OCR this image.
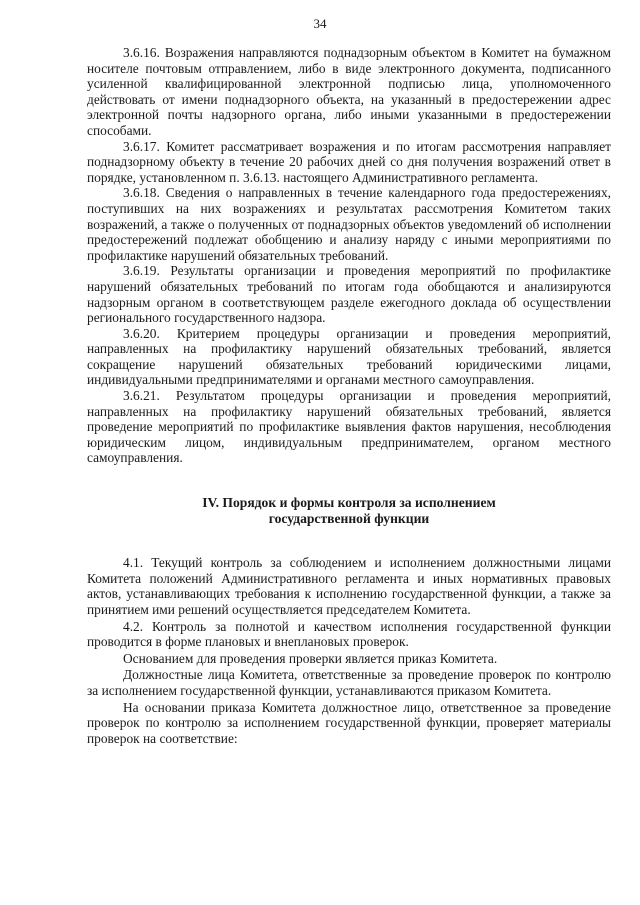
34

3.6.16. Возражения направляются поднадзорным объектом в Комитет на бумажном носителе почтовым отправлением, либо в виде электронного документа, подписанного усиленной квалифицированной электронной подписью лица, уполномоченного действовать от имени поднадзорного объекта, на указанный в предостережении адрес электронной почты надзорного органа, либо иными указанными в предостережении способами.

3.6.17. Комитет рассматривает возражения и по итогам рассмотрения направляет поднадзорному объекту в течение 20 рабочих дней со дня получения возражений ответ в порядке, установленном п. 3.6.13. настоящего Административного регламента.

3.6.18. Сведения о направленных в течение календарного года предостережениях, поступивших на них возражениях и результатах рассмотрения Комитетом таких возражений, а также о полученных от поднадзорных объектов уведомлений об исполнении предостережений подлежат обобщению и анализу наряду с иными мероприятиями по профилактике нарушений обязательных требований.

3.6.19. Результаты организации и проведения мероприятий по профилактике нарушений обязательных требований по итогам года обобщаются и анализируются надзорным органом в соответствующем разделе ежегодного доклада об осуществлении регионального государственного надзора.

3.6.20. Критерием процедуры организации и проведения мероприятий, направленных на профилактику нарушений обязательных требований, является сокращение нарушений обязательных требований юридическими лицами, индивидуальными предпринимателями и органами местного самоуправления.

3.6.21. Результатом процедуры организации и проведения мероприятий, направленных на профилактику нарушений обязательных требований, является проведение мероприятий по профилактике выявления фактов нарушения, несоблюдения юридическим лицом, индивидуальным предпринимателем, органом местного самоуправления.

IV. Порядок и формы контроля за исполнением
государственной функции

4.1. Текущий контроль за соблюдением и исполнением должностными лицами Комитета положений Административного регламента и иных нормативных правовых актов, устанавливающих требования к исполнению государственной функции, а также за принятием ими решений осуществляется председателем Комитета.

4.2. Контроль за полнотой и качеством исполнения государственной функции проводится в форме плановых и внеплановых проверок.

Основанием для проведения проверки является приказ Комитета.

Должностные лица Комитета, ответственные за проведение проверок по контролю за исполнением государственной функции, устанавливаются приказом Комитета.

На основании приказа Комитета должностное лицо, ответственное за проведение проверок по контролю за исполнением государственной функции, проверяет материалы проверок на соответствие:
